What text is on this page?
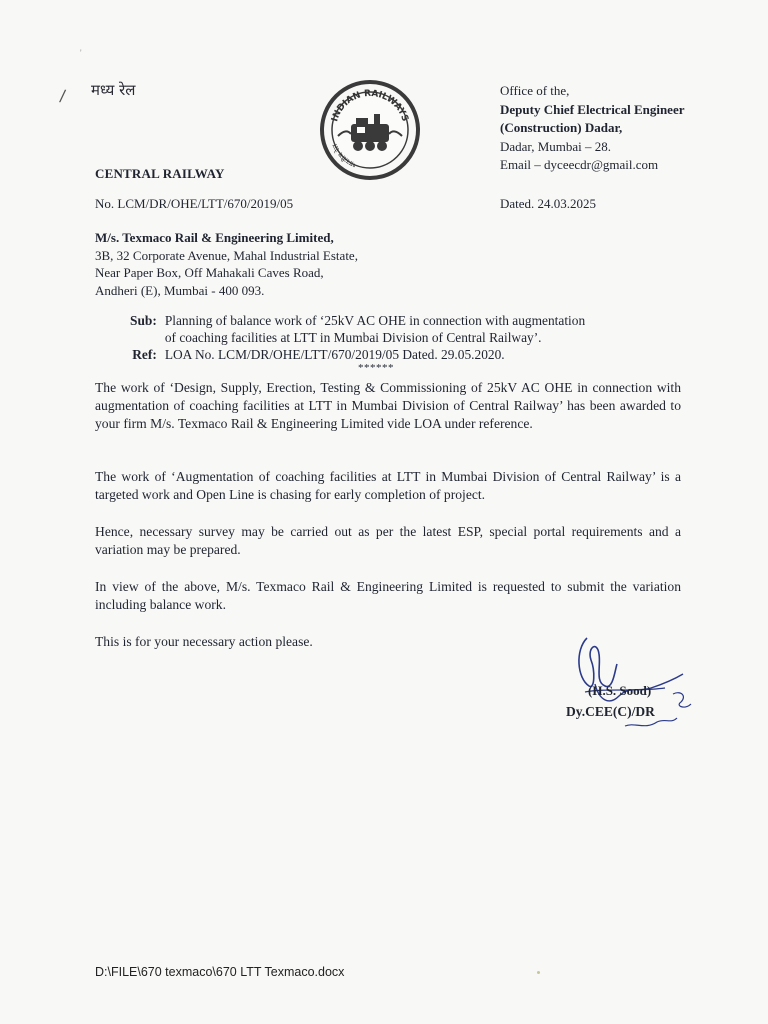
'
/ मध्य रेल
INDIAN RAILWAYS
भारतीय रेल
Office of the,
Deputy Chief Electrical Engineer
(Construction) Dadar,
Dadar, Mumbai – 28.
Email – dyceecdr@gmail.com
CENTRAL RAILWAY
No. LCM/DR/OHE/LTT/670/2019/05	Dated. 24.03.2025
M/s. Texmaco Rail & Engineering Limited,
3B, 32 Corporate Avenue, Mahal Industrial Estate,
Near Paper Box, Off Mahakali Caves Road,
Andheri (E), Mumbai - 400 093.
Sub:	Planning of balance work of ‘25kV AC OHE in connection with augmentation
	of coaching facilities at LTT in Mumbai Division of Central Railway’.
Ref:	LOA No. LCM/DR/OHE/LTT/670/2019/05 Dated. 29.05.2020.
******
The work of ‘Design, Supply, Erection, Testing & Commissioning of 25kV AC OHE in connection with augmentation of coaching facilities at LTT in Mumbai Division of Central Railway’ has been awarded to your firm M/s. Texmaco Rail & Engineering Limited vide LOA under reference.
The work of ‘Augmentation of coaching facilities at LTT in Mumbai Division of Central Railway’ is a targeted work and Open Line is chasing for early completion of project.
Hence, necessary survey may be carried out as per the latest ESP, special portal requirements and a variation may be prepared.
In view of the above, M/s. Texmaco Rail & Engineering Limited is requested to submit the variation including balance work.
This is for your necessary action please.
(H.S. Sood)
Dy.CEE(C)/DR
D:\FILE\670 texmaco\670 LTT Texmaco.docx
